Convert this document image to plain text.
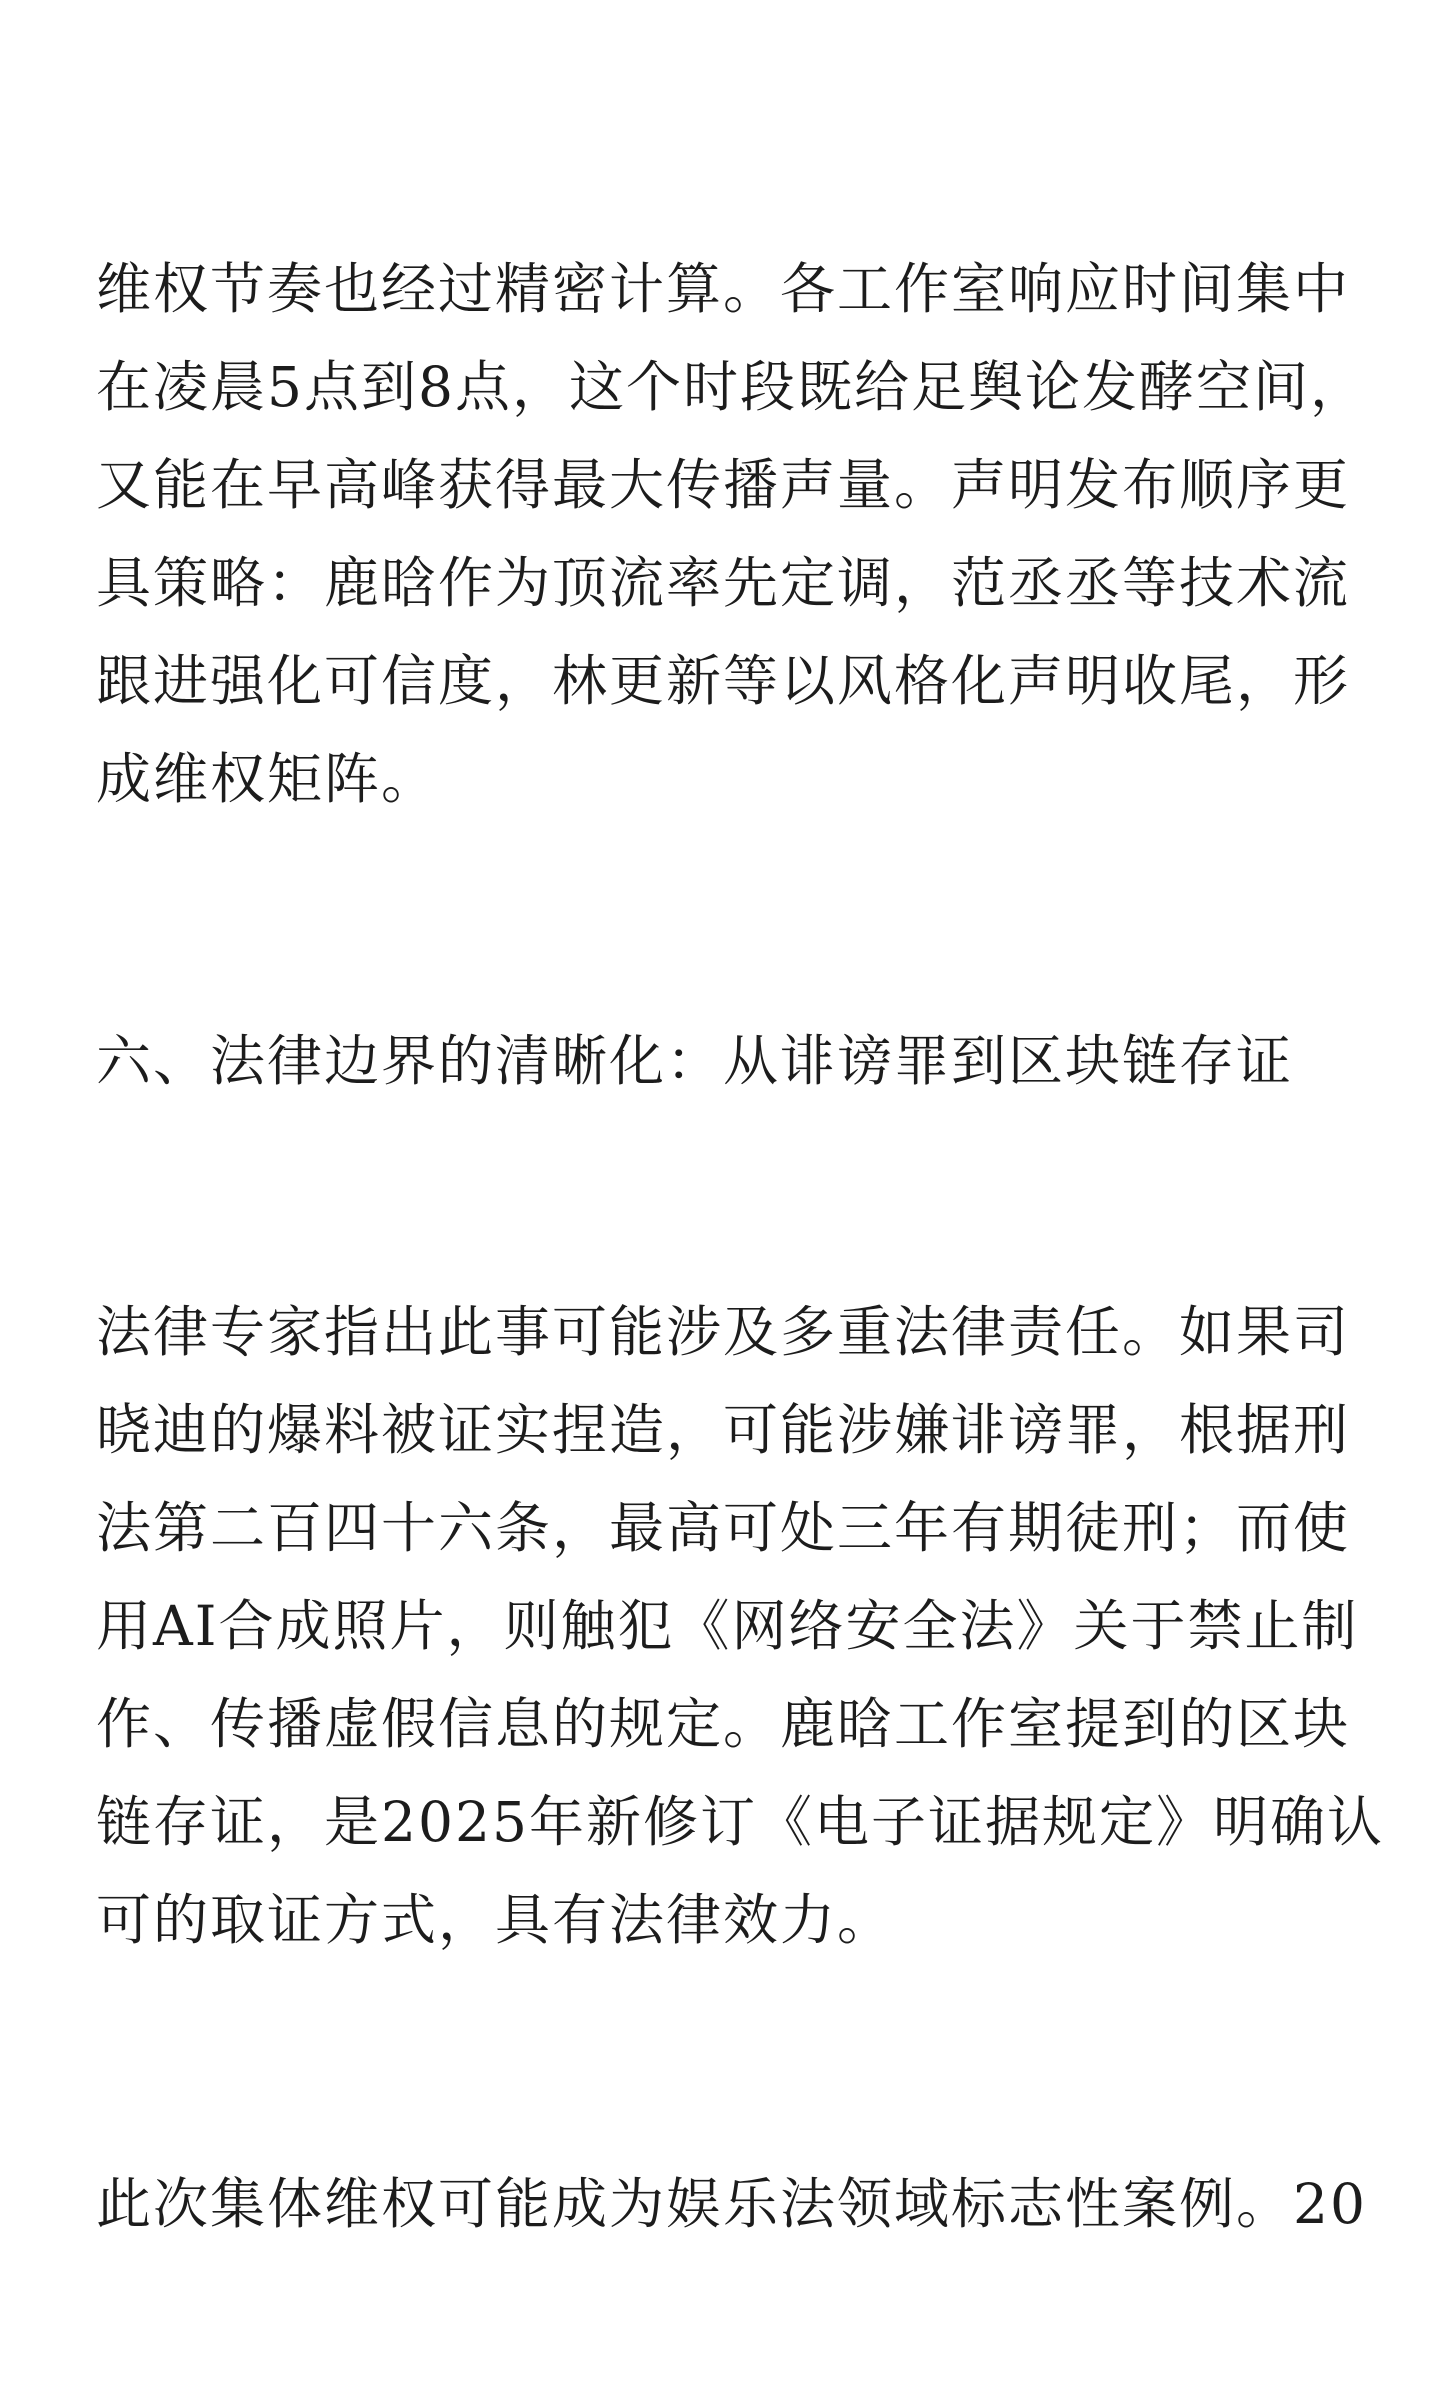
维权节奏也经过精密计算。各工作室响应时间集中
在凌晨5点到8点，这个时段既给足舆论发酵空间，
又能在早高峰获得最大传播声量。声明发布顺序更
具策略：鹿晗作为顶流率先定调，范丞丞等技术流
跟进强化可信度，林更新等以风格化声明收尾，形
成维权矩阵。

六、法律边界的清晰化：从诽谤罪到区块链存证

法律专家指出此事可能涉及多重法律责任。如果司
晓迪的爆料被证实捏造，可能涉嫌诽谤罪，根据刑
法第二百四十六条，最高可处三年有期徒刑；而使
用AI合成照片，则触犯《网络安全法》关于禁止制
作、传播虚假信息的规定。鹿晗工作室提到的区块
链存证，是2025年新修订《电子证据规定》明确认
可的取证方式，具有法律效力。

此次集体维权可能成为娱乐法领域标志性案例。20
